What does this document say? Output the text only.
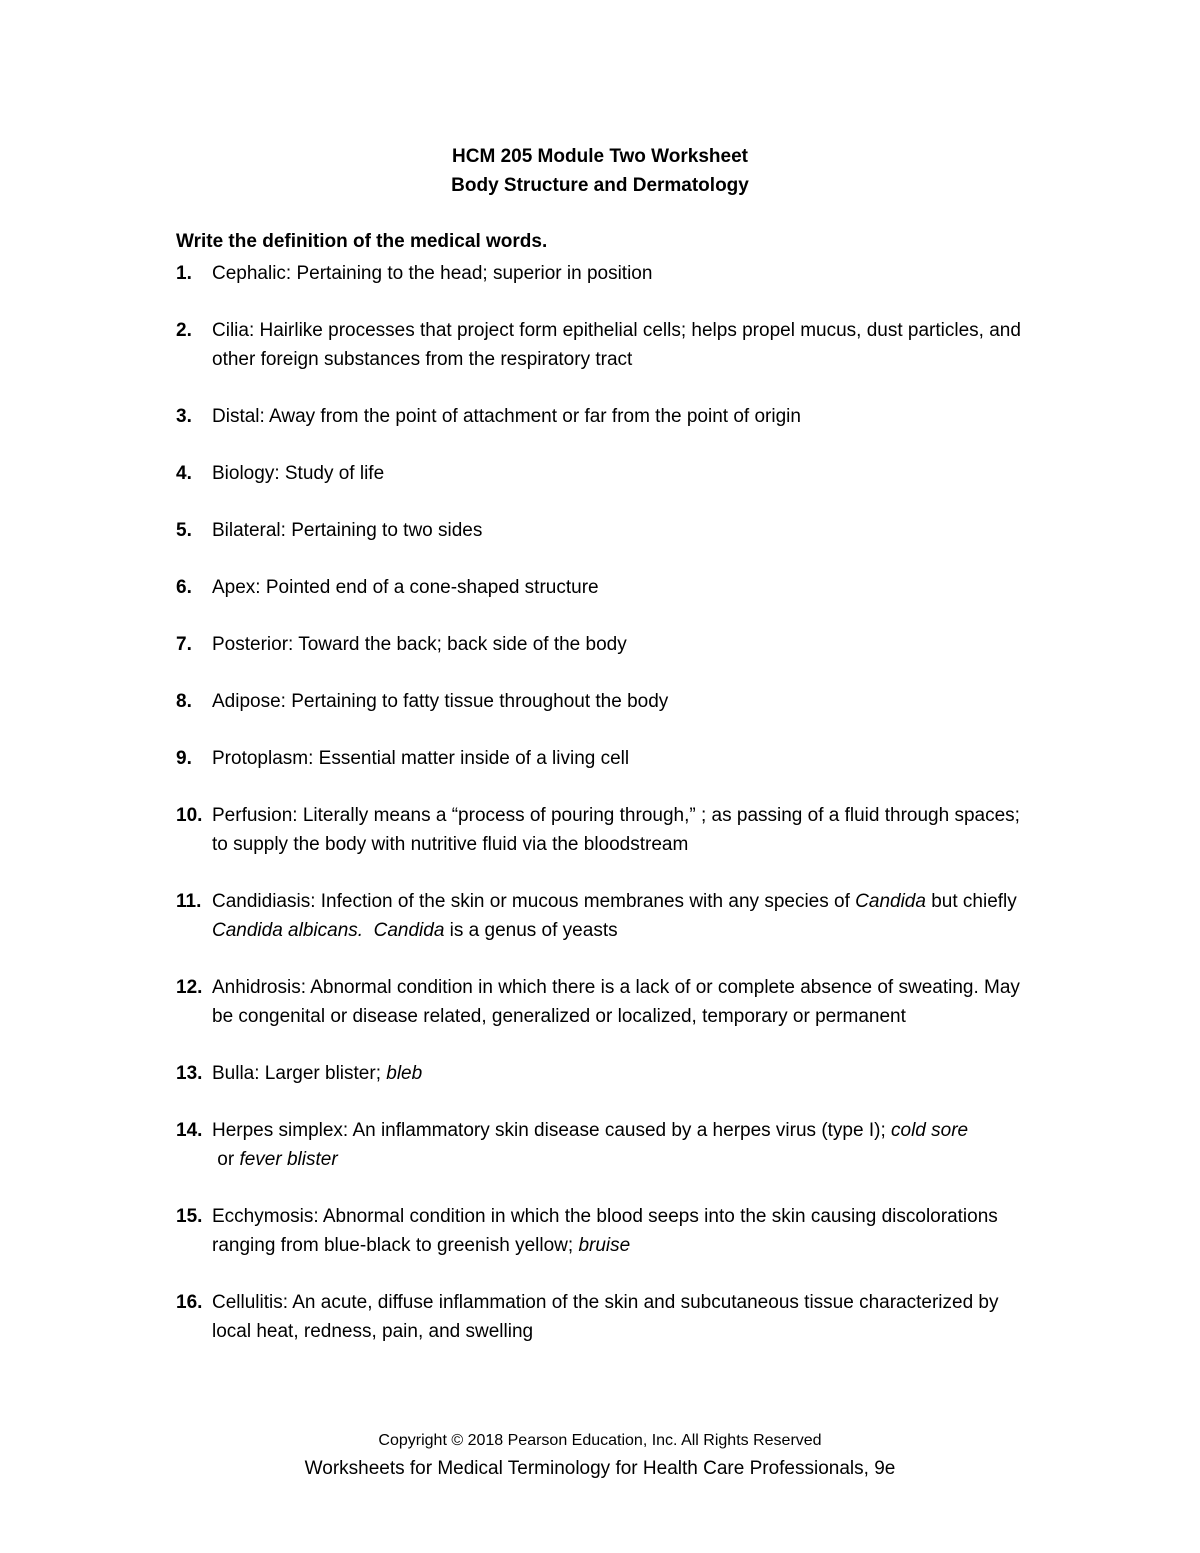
HCM 205 Module Two Worksheet
Body Structure and Dermatology
Write the definition of the medical words.
1. Cephalic: Pertaining to the head; superior in position
2. Cilia: Hairlike processes that project form epithelial cells; helps propel mucus, dust particles, and other foreign substances from the respiratory tract
3. Distal: Away from the point of attachment or far from the point of origin
4. Biology: Study of life
5. Bilateral: Pertaining to two sides
6. Apex: Pointed end of a cone-shaped structure
7. Posterior: Toward the back; back side of the body
8. Adipose: Pertaining to fatty tissue throughout the body
9. Protoplasm: Essential matter inside of a living cell
10. Perfusion: Literally means a “process of pouring through,” ; as passing of a fluid through spaces; to supply the body with nutritive fluid via the bloodstream
11. Candidiasis: Infection of the skin or mucous membranes with any species of Candida but chiefly Candida albicans. Candida is a genus of yeasts
12. Anhidrosis: Abnormal condition in which there is a lack of or complete absence of sweating. May be congenital or disease related, generalized or localized, temporary or permanent
13. Bulla: Larger blister; bleb
14. Herpes simplex: An inflammatory skin disease caused by a herpes virus (type I); cold sore or fever blister
15. Ecchymosis: Abnormal condition in which the blood seeps into the skin causing discolorations ranging from blue-black to greenish yellow; bruise
16. Cellulitis: An acute, diffuse inflammation of the skin and subcutaneous tissue characterized by local heat, redness, pain, and swelling
Copyright © 2018 Pearson Education, Inc. All Rights Reserved
Worksheets for Medical Terminology for Health Care Professionals, 9e
